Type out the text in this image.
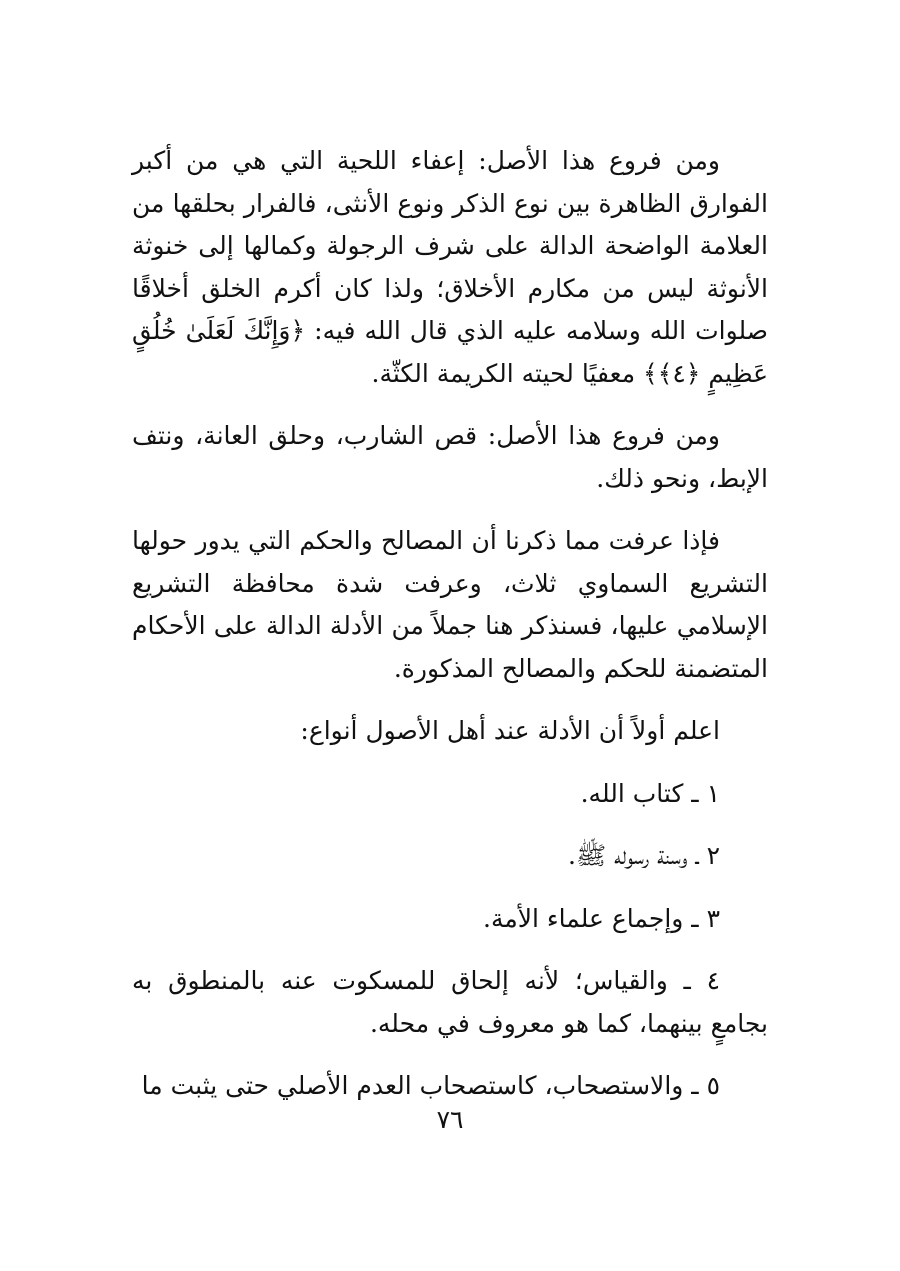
ومن فروع هذا الأصل: إعفاء اللحية التي هي من أكبر الفوارق الظاهرة بين نوع الذكر ونوع الأنثى، فالفرار بحلقها من العلامة الواضحة الدالة على شرف الرجولة وكمالها إلى خنوثة الأنوثة ليس من مكارم الأخلاق؛ ولذا كان أكرم الخلق أخلاقًا صلوات الله وسلامه عليه الذي قال الله فيه: ﴿وَإِنَّكَ لَعَلَىٰ خُلُقٍ عَظِيمٍ ﴿٤﴾﴾ معفيًا لحيته الكريمة الكثّة.

ومن فروع هذا الأصل: قص الشارب، وحلق العانة، ونتف الإبط، ونحو ذلك.

فإذا عرفت مما ذكرنا أن المصالح والحكم التي يدور حولها التشريع السماوي ثلاث، وعرفت شدة محافظة التشريع الإسلامي عليها، فسنذكر هنا جملاً من الأدلة الدالة على الأحكام المتضمنة للحكم والمصالح المذكورة.

اعلم أولاً أن الأدلة عند أهل الأصول أنواع:

١ ـ كتاب الله.

٢ ـ وسنة رسوله ﷺ.

٣ ـ وإجماع علماء الأمة.

٤ ـ والقياس؛ لأنه إلحاق للمسكوت عنه بالمنطوق به بجامعٍ بينهما، كما هو معروف في محله.

٥ ـ والاستصحاب، كاستصحاب العدم الأصلي حتى يثبت ما

٧٦
